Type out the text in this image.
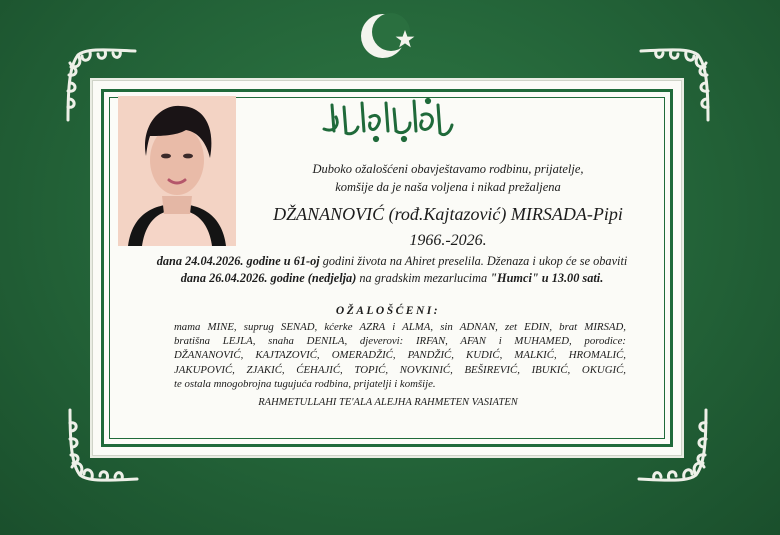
Duboko ožalošćeni obavještavamo rodbinu, prijatelje,
komšije da je naša voljena i nikad prežaljena
DŽANANOVIĆ (rođ.Kajtazović) MIRSADA-Pipi
1966.-2026.
dana 24.04.2026. godine u 61-oj godini života na Ahiret preselila. Dženaza i ukop će se obaviti
dana 26.04.2026. godine (nedjelja) na gradskim mezarlucima "Humci" u 13.00 sati.
OŽALOŠĆENI:
mama MINE, suprug SENAD, kćerke AZRA i ALMA, sin ADNAN, zet EDIN, brat MIRSAD,
bratišna LEJLA, snaha DENILA, djeverovi: IRFAN, AFAN i MUHAMED, porodice:
DŽANANOVIĆ, KAJTAZOVIĆ, OMERADŽIĆ, PANDŽIĆ, KUDIĆ, MALKIĆ, HROMALIĆ,
JAKUPOVIĆ, ZJAKIĆ, ĆEHAJIĆ, TOPIĆ, NOVKINIĆ, BEŠIREVIĆ, IBUKIĆ, OKUGIĆ,
te ostala mnogobrojna tugujuća rodbina, prijatelji i komšije.
RAHMETULLAHI TE'ALA ALEJHA RAHMETEN VASIATEN
